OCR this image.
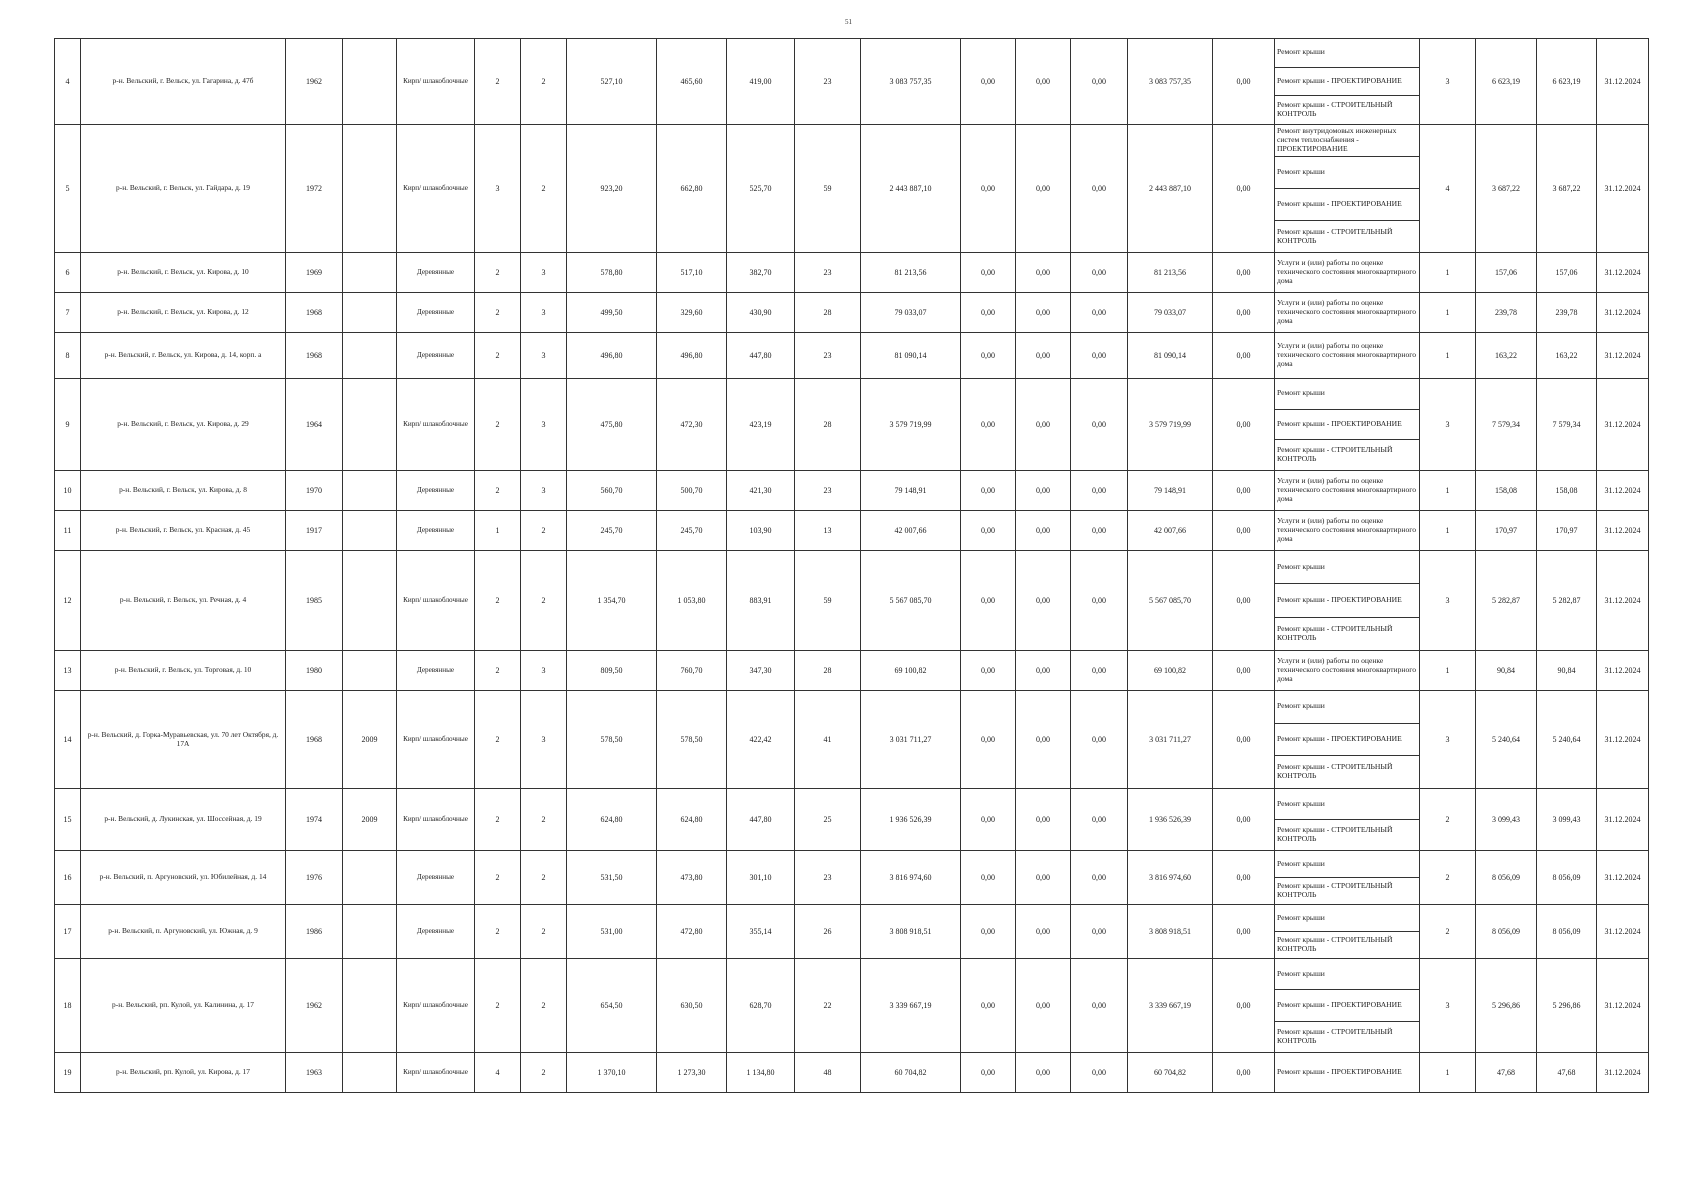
51
4	р-н. Вельский, г. Вельск, ул. Гагарина, д. 47б	1962		Кирп/ шлакоблочные	2	2	527,10	465,60	419,00	23	3 083 757,35	0,00	0,00	0,00	3 083 757,35	0,00	Ремонт крыши
Ремонт крыши - ПРОЕКТИРОВАНИЕ
Ремонт крыши - СТРОИТЕЛЬНЫЙ КОНТРОЛЬ	3	6 623,19	6 623,19	31.12.2024
5	р-н. Вельский, г. Вельск, ул. Гайдара, д. 19	1972		Кирп/ шлакоблочные	3	2	923,20	662,80	525,70	59	2 443 887,10	0,00	0,00	0,00	2 443 887,10	0,00	Ремонт внутридомовых инженерных систем теплоснабжения - ПРОЕКТИРОВАНИЕ
Ремонт крыши
Ремонт крыши - ПРОЕКТИРОВАНИЕ
Ремонт крыши - СТРОИТЕЛЬНЫЙ КОНТРОЛЬ	4	3 687,22	3 687,22	31.12.2024
6	р-н. Вельский, г. Вельск, ул. Кирова, д. 10	1969		Деревянные	2	3	578,80	517,10	382,70	23	81 213,56	0,00	0,00	0,00	81 213,56	0,00	Услуги и (или) работы по оценке технического состояния многоквартирного дома	1	157,06	157,06	31.12.2024
7	р-н. Вельский, г. Вельск, ул. Кирова, д. 12	1968		Деревянные	2	3	499,50	329,60	430,90	28	79 033,07	0,00	0,00	0,00	79 033,07	0,00	Услуги и (или) работы по оценке технического состояния многоквартирного дома	1	239,78	239,78	31.12.2024
8	р-н. Вельский, г. Вельск, ул. Кирова, д. 14, корп. а	1968		Деревянные	2	3	496,80	496,80	447,80	23	81 090,14	0,00	0,00	0,00	81 090,14	0,00	Услуги и (или) работы по оценке технического состояния многоквартирного дома	1	163,22	163,22	31.12.2024
9	р-н. Вельский, г. Вельск, ул. Кирова, д. 29	1964		Кирп/ шлакоблочные	2	3	475,80	472,30	423,19	28	3 579 719,99	0,00	0,00	0,00	3 579 719,99	0,00	Ремонт крыши
Ремонт крыши - ПРОЕКТИРОВАНИЕ
Ремонт крыши - СТРОИТЕЛЬНЫЙ КОНТРОЛЬ	3	7 579,34	7 579,34	31.12.2024
10	р-н. Вельский, г. Вельск, ул. Кирова, д. 8	1970		Деревянные	2	3	560,70	500,70	421,30	23	79 148,91	0,00	0,00	0,00	79 148,91	0,00	Услуги и (или) работы по оценке технического состояния многоквартирного дома	1	158,08	158,08	31.12.2024
11	р-н. Вельский, г. Вельск, ул. Красная, д. 45	1917		Деревянные	1	2	245,70	245,70	103,90	13	42 007,66	0,00	0,00	0,00	42 007,66	0,00	Услуги и (или) работы по оценке технического состояния многоквартирного дома	1	170,97	170,97	31.12.2024
12	р-н. Вельский, г. Вельск, ул. Речная, д. 4	1985		Кирп/ шлакоблочные	2	2	1 354,70	1 053,80	883,91	59	5 567 085,70	0,00	0,00	0,00	5 567 085,70	0,00	Ремонт крыши
Ремонт крыши - ПРОЕКТИРОВАНИЕ
Ремонт крыши - СТРОИТЕЛЬНЫЙ КОНТРОЛЬ	3	5 282,87	5 282,87	31.12.2024
13	р-н. Вельский, г. Вельск, ул. Торговая, д. 10	1980		Деревянные	2	3	809,50	760,70	347,30	28	69 100,82	0,00	0,00	0,00	69 100,82	0,00	Услуги и (или) работы по оценке технического состояния многоквартирного дома	1	90,84	90,84	31.12.2024
14	р-н. Вельский, д. Горка-Муравьевская, ул. 70 лет Октября, д. 17А	1968	2009	Кирп/ шлакоблочные	2	3	578,50	578,50	422,42	41	3 031 711,27	0,00	0,00	0,00	3 031 711,27	0,00	Ремонт крыши
Ремонт крыши - ПРОЕКТИРОВАНИЕ
Ремонт крыши - СТРОИТЕЛЬНЫЙ КОНТРОЛЬ	3	5 240,64	5 240,64	31.12.2024
15	р-н. Вельский, д. Лукинская, ул. Шоссейная, д. 19	1974	2009	Кирп/ шлакоблочные	2	2	624,80	624,80	447,80	25	1 936 526,39	0,00	0,00	0,00	1 936 526,39	0,00	Ремонт крыши
Ремонт крыши - СТРОИТЕЛЬНЫЙ КОНТРОЛЬ	2	3 099,43	3 099,43	31.12.2024
16	р-н. Вельский, п. Аргуновский, ул. Юбилейная, д. 14	1976		Деревянные	2	2	531,50	473,80	301,10	23	3 816 974,60	0,00	0,00	0,00	3 816 974,60	0,00	Ремонт крыши
Ремонт крыши - СТРОИТЕЛЬНЫЙ КОНТРОЛЬ	2	8 056,09	8 056,09	31.12.2024
17	р-н. Вельский, п. Аргуновский, ул. Южная, д. 9	1986		Деревянные	2	2	531,00	472,80	355,14	26	3 808 918,51	0,00	0,00	0,00	3 808 918,51	0,00	Ремонт крыши
Ремонт крыши - СТРОИТЕЛЬНЫЙ КОНТРОЛЬ	2	8 056,09	8 056,09	31.12.2024
18	р-н. Вельский, рп. Кулой, ул. Калинина, д. 17	1962		Кирп/ шлакоблочные	2	2	654,50	630,50	628,70	22	3 339 667,19	0,00	0,00	0,00	3 339 667,19	0,00	Ремонт крыши
Ремонт крыши - ПРОЕКТИРОВАНИЕ
Ремонт крыши - СТРОИТЕЛЬНЫЙ КОНТРОЛЬ	3	5 296,86	5 296,86	31.12.2024
19	р-н. Вельский, рп. Кулой, ул. Кирова, д. 17	1963		Кирп/ шлакоблочные	4	2	1 370,10	1 273,30	1 134,80	48	60 704,82	0,00	0,00	0,00	60 704,82	0,00	Ремонт крыши - ПРОЕКТИРОВАНИЕ	1	47,68	47,68	31.12.2024
